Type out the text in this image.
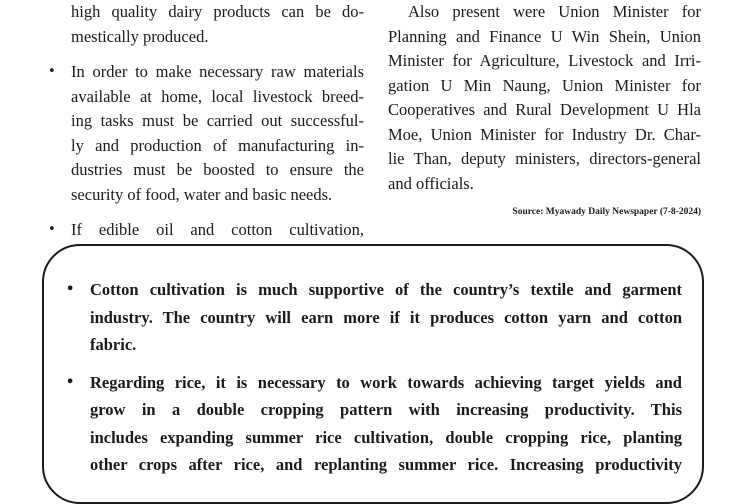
high quality dairy products can be do-
mestically produced.
• In order to make necessary raw materials
available at home, local livestock breed-
ing tasks must be carried out successful-
ly and production of manufacturing in-
dustries must be boosted to ensure the
security of food, water and basic needs.
• If edible oil and cotton cultivation,
Also present were Union Minister for
Planning and Finance U Win Shein, Union
Minister for Agriculture, Livestock and Irri-
gation U Min Naung, Union Minister for
Cooperatives and Rural Development U Hla
Moe, Union Minister for Industry Dr. Char-
lie Than, deputy ministers, directors-general
and officials.
Source: Myawady Daily Newspaper (7-8-2024)
• Cotton cultivation is much supportive of the country’s textile and garment
industry. The country will earn more if it produces cotton yarn and cotton
fabric.
• Regarding rice, it is necessary to work towards achieving target yields and
grow in a double cropping pattern with increasing productivity. This
includes expanding summer rice cultivation, double cropping rice, planting
other crops after rice, and replanting summer rice. Increasing productivity
